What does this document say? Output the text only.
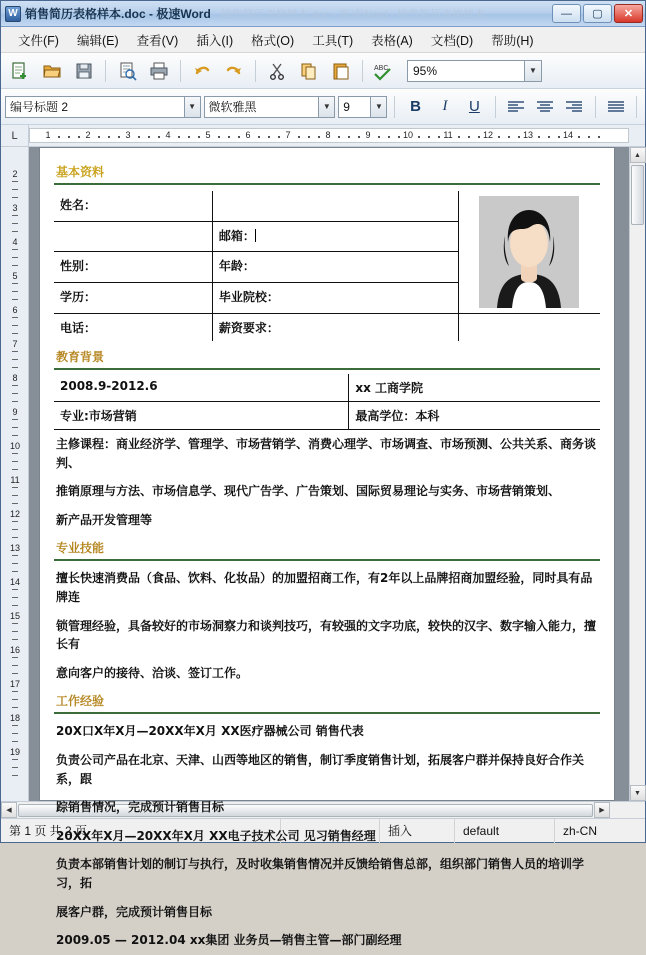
W 销售简历表格样本.doc - 极速Word 销售简历表格样本.doc - 极速Word - 销售简历表格样本	—	▢	✕
文件(F)	编辑(E)	查看(V)	插入(I)	格式(O)	工具(T)	表格(A)	文档(D)	帮助(H)
ABC 95%	▼
编号标题 2	▼ 微软雅黑	▼ 9	▼	B	I	U
L	1	2	3	4	5	6	7	8	9	10	11	12	13	14
2
3
4
5
6
7
8
9
10
11
12
13
14
15
16
17
18
19
基本资料
姓名：		

	邮箱：	
性别：	年龄：	
学历：	毕业院校：	
电话：	薪资要求：	
教育背景
2008.9-2012.6	xx 工商学院
专业:市场营销	最高学位：本科
主修课程：商业经济学、管理学、市场营销学、消费心理学、市场调查、市场预测、公共关系、商务谈判、
推销原理与方法、市场信息学、现代广告学、广告策划、国际贸易理论与实务、市场营销策划、
新产品开发管理等
专业技能
擅长快速消费品（食品、饮料、化妆品）的加盟招商工作，有2年以上品牌招商加盟经验，同时具有品牌连
锁管理经验，具备较好的市场洞察力和谈判技巧，有较强的文字功底，较快的汉字、数字输入能力，擅长有
意向客户的接待、洽谈、签订工作。
工作经验
20X口X年X月—20XX年X月 XX医疗器械公司 销售代表
负责公司产品在北京、天津、山西等地区的销售，制订季度销售计划，拓展客户群并保持良好合作关系，跟
踪销售情况，完成预计销售目标
20XX年X月—20XX年X月 XX电子技术公司 见习销售经理
负责本部销售计划的制订与执行，及时收集销售情况并反馈给销售总部，组织部门销售人员的培训学习，拓
展客户群，完成预计销售目标
2009.05 — 2012.04 xx集团 业务员—销售主管—部门副经理
▲
▼
◀	▶
第 1 页 共 2 页	插入	default	zh-CN
